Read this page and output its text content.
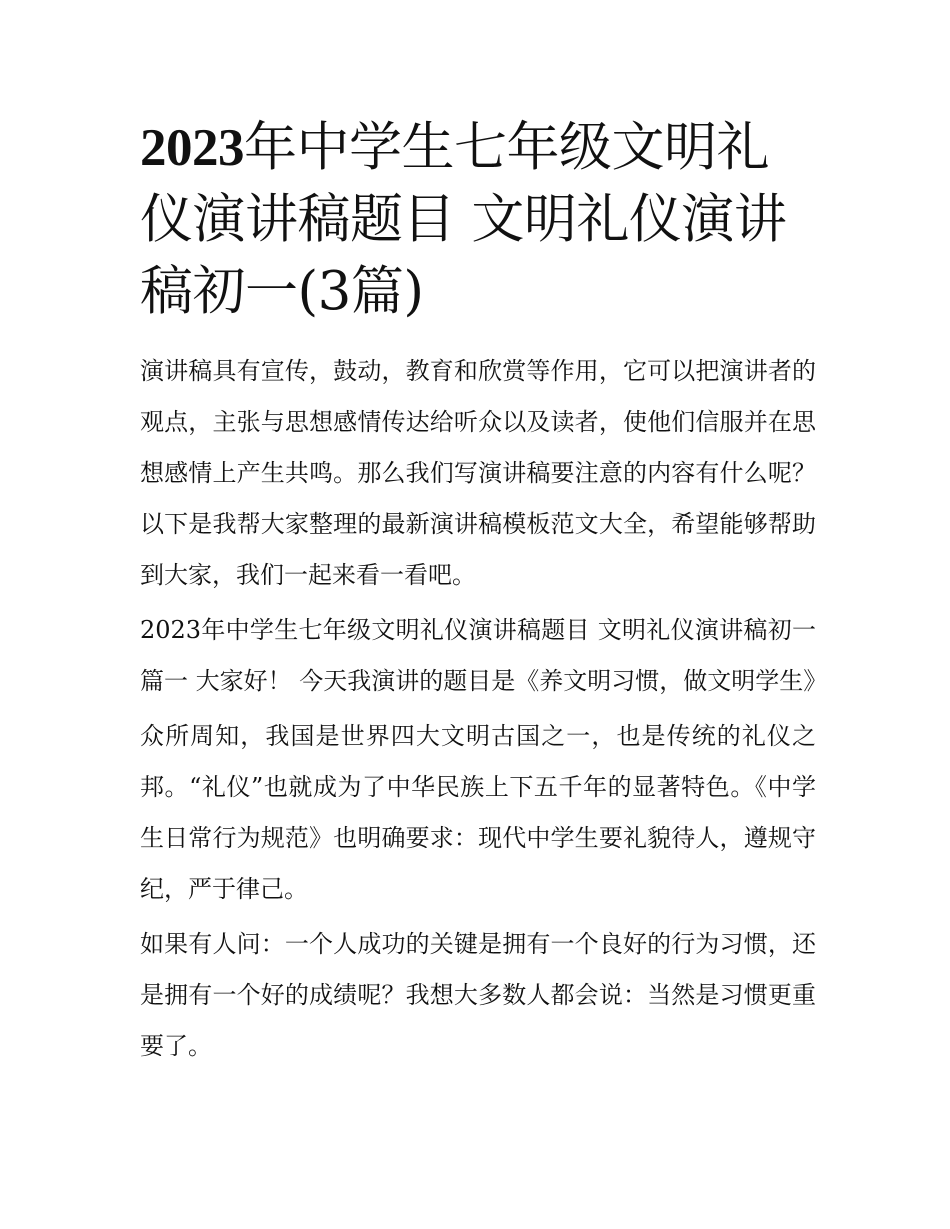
2023年中学生七年级文明礼仪演讲稿题目 文明礼仪演讲稿初一(3篇)

演讲稿具有宣传，鼓动，教育和欣赏等作用，它可以把演讲者的观点，主张与思想感情传达给听众以及读者，使他们信服并在思想感情上产生共鸣。那么我们写演讲稿要注意的内容有什么呢？以下是我帮大家整理的最新演讲稿模板范文大全，希望能够帮助到大家，我们一起来看一看吧。

2023年中学生七年级文明礼仪演讲稿题目 文明礼仪演讲稿初一篇一 大家好！ 今天我演讲的题目是《养文明习惯，做文明学生》

众所周知，我国是世界四大文明古国之一，也是传统的礼仪之邦。“礼仪”也就成为了中华民族上下五千年的显著特色。《中学生日常行为规范》也明确要求：现代中学生要礼貌待人，遵规守纪，严于律己。

如果有人问：一个人成功的关键是拥有一个良好的行为习惯，还是拥有一个好的成绩呢？我想大多数人都会说：当然是习惯更重要了。
